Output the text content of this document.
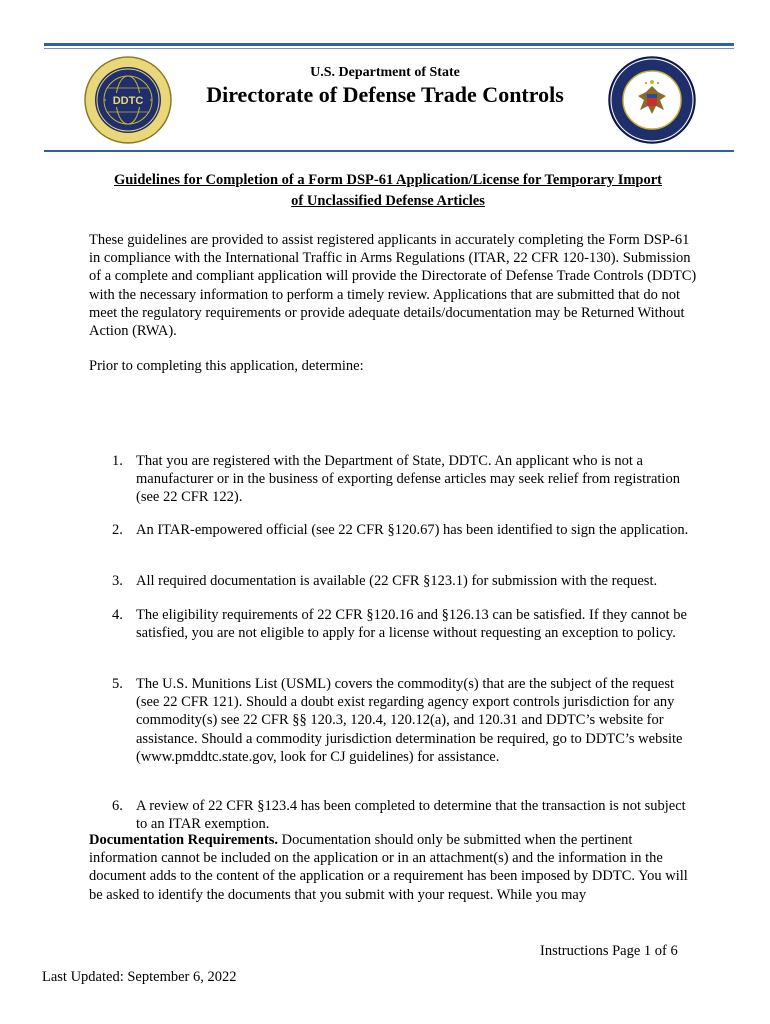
DDTC
U.S. Department of State
Directorate of Defense Trade Controls
Guidelines for Completion of a Form DSP-61 Application/License for Temporary Import
of Unclassified Defense Articles
These guidelines are provided to assist registered applicants in accurately completing the Form DSP-61 in compliance with the International Traffic in Arms Regulations (ITAR, 22 CFR 120-130). Submission of a complete and compliant application will provide the Directorate of Defense Trade Controls (DDTC) with the necessary information to perform a timely review. Applications that are submitted that do not meet the regulatory requirements or provide adequate details/documentation may be Returned Without Action (RWA).
Prior to completing this application, determine:
1. That you are registered with the Department of State, DDTC. An applicant who is not a manufacturer or in the business of exporting defense articles may seek relief from registration (see 22 CFR 122).
2. An ITAR-empowered official (see 22 CFR §120.67) has been identified to sign the application.
3. All required documentation is available (22 CFR §123.1) for submission with the request.
4. The eligibility requirements of 22 CFR §120.16 and §126.13 can be satisfied. If they cannot be satisfied, you are not eligible to apply for a license without requesting an exception to policy.
5. The U.S. Munitions List (USML) covers the commodity(s) that are the subject of the request (see 22 CFR 121). Should a doubt exist regarding agency export controls jurisdiction for any commodity(s) see 22 CFR §§ 120.3, 120.4, 120.12(a), and 120.31 and DDTC’s website for assistance. Should a commodity jurisdiction determination be required, go to DDTC’s website (www.pmddtc.state.gov, look for CJ guidelines) for assistance.
6. A review of 22 CFR §123.4 has been completed to determine that the transaction is not subject to an ITAR exemption.
Documentation Requirements. Documentation should only be submitted when the pertinent information cannot be included on the application or in an attachment(s) and the information in the document adds to the content of the application or a requirement has been imposed by DDTC. You will be asked to identify the documents that you submit with your request. While you may
Instructions Page 1 of 6
Last Updated: September 6, 2022
